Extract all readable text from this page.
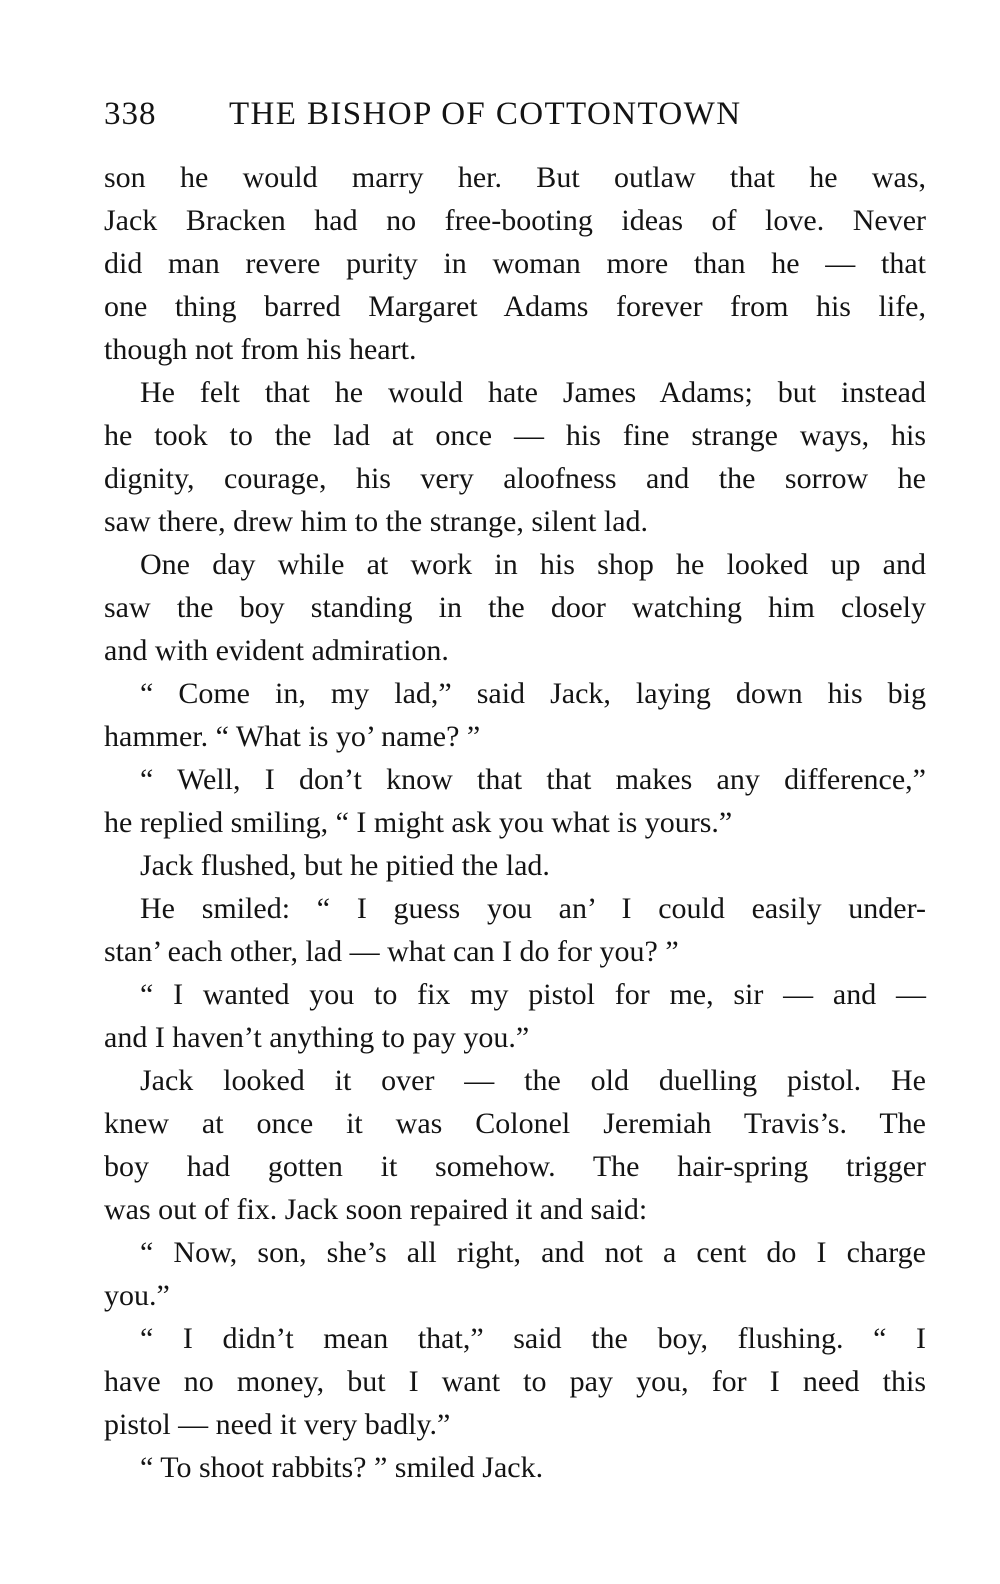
338 THE BISHOP OF COTTONTOWN
son he would marry her. But outlaw that he was,
Jack Bracken had no free-booting ideas of love. Never
did man revere purity in woman more than he — that
one thing barred Margaret Adams forever from his life,
though not from his heart.
He felt that he would hate James Adams; but instead
he took to the lad at once — his fine strange ways, his
dignity, courage, his very aloofness and the sorrow he
saw there, drew him to the strange, silent lad.
One day while at work in his shop he looked up and
saw the boy standing in the door watching him closely
and with evident admiration.
“ Come in, my lad,” said Jack, laying down his big
hammer. “ What is yo’ name? ”
“ Well, I don’t know that that makes any difference,”
he replied smiling, “ I might ask you what is yours.”
Jack flushed, but he pitied the lad.
He smiled: “ I guess you an’ I could easily under-
stan’ each other, lad — what can I do for you? ”
“ I wanted you to fix my pistol for me, sir — and —
and I haven’t anything to pay you.”
Jack looked it over — the old duelling pistol. He
knew at once it was Colonel Jeremiah Travis’s. The
boy had gotten it somehow. The hair-spring trigger
was out of fix. Jack soon repaired it and said:
“ Now, son, she’s all right, and not a cent do I charge
you.”
“ I didn’t mean that,” said the boy, flushing. “ I
have no money, but I want to pay you, for I need this
pistol — need it very badly.”
“ To shoot rabbits? ” smiled Jack.
